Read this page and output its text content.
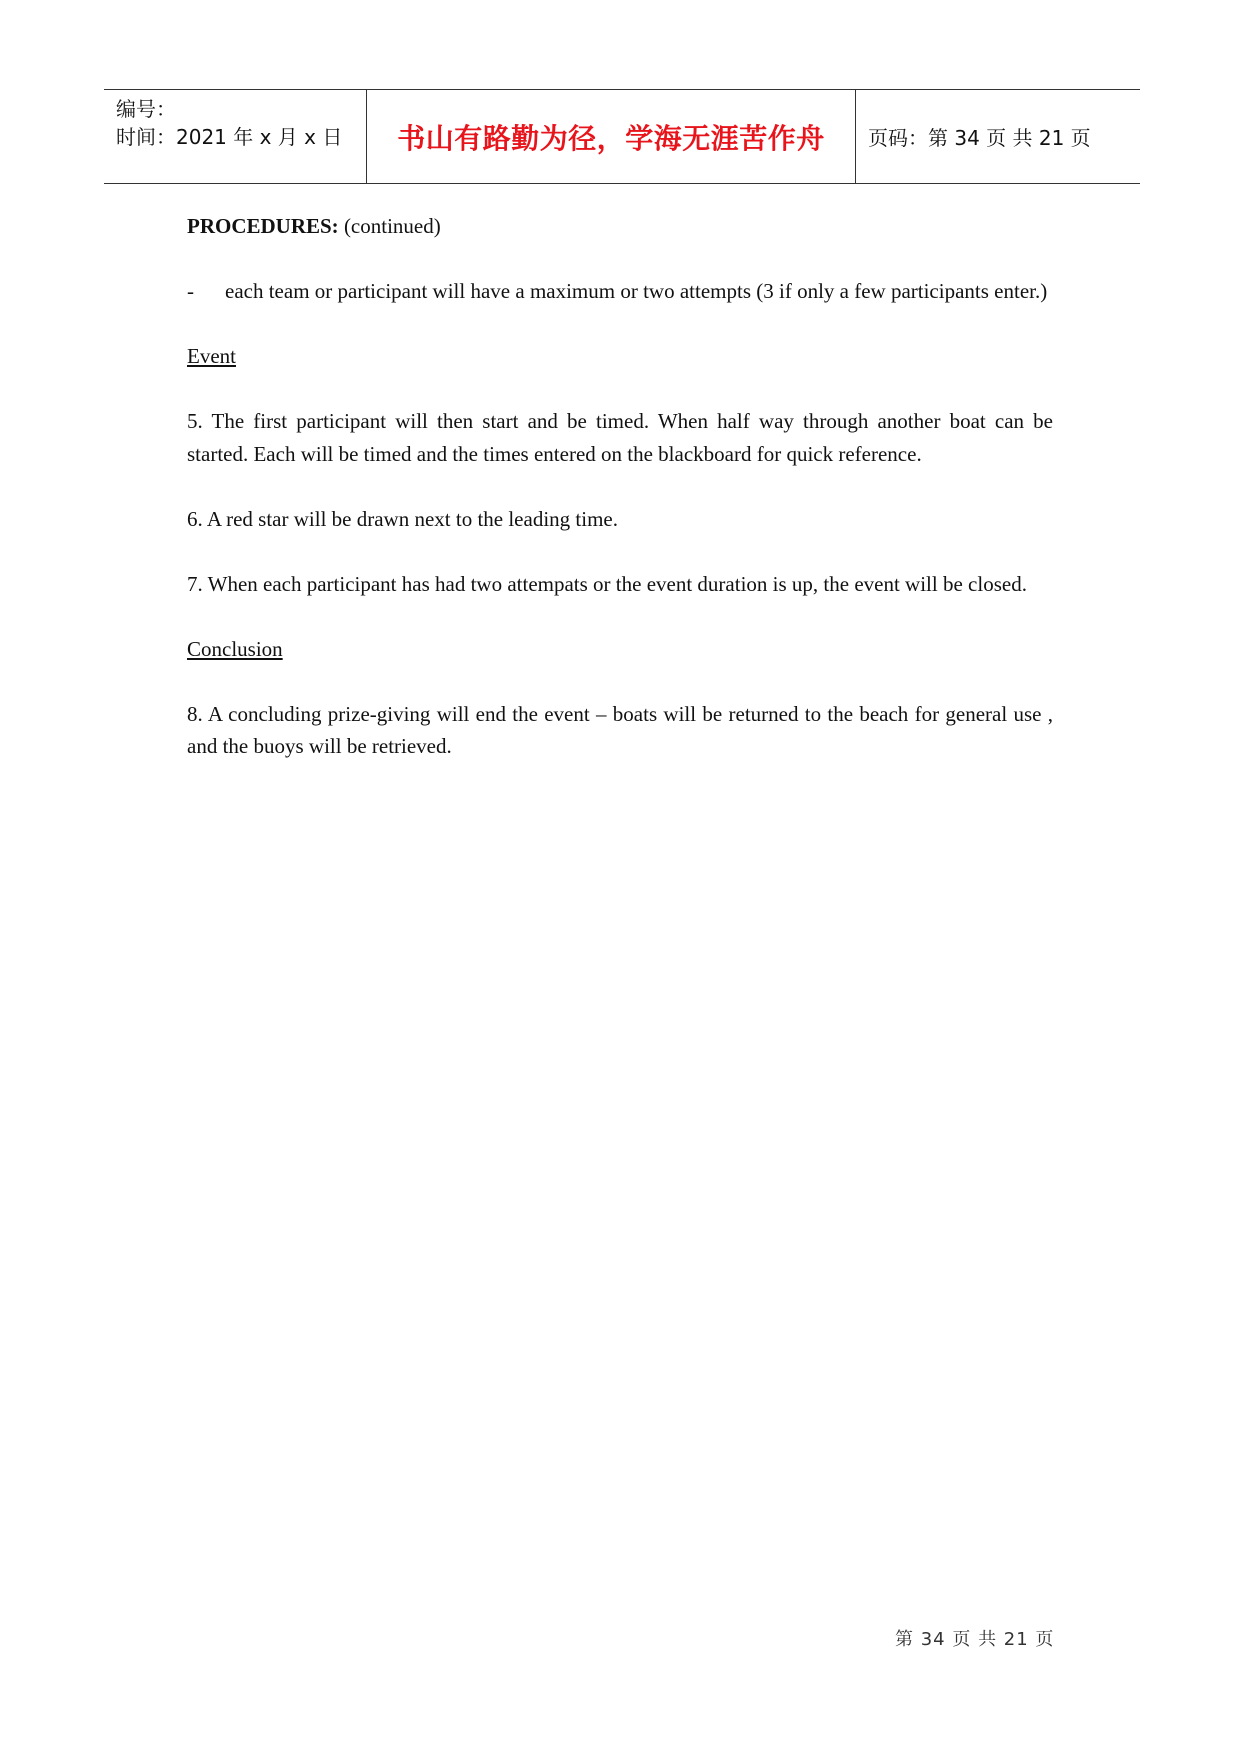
编号：
时间：2021 年 x 月 x 日 书山有路勤为径，学海无涯苦作舟 页码：第 34 页 共 21 页

PROCEDURES: (continued)

-	each team or participant will have a maximum or two attempts (3 if only a few participants enter.)

Event

5. The first participant will then start and be timed. When half way through another boat can be started. Each will be timed and the times entered on the blackboard for quick reference.

6. A red star will be drawn next to the leading time.

7. When each participant has had two attempats or the event duration is up, the event will be closed.

Conclusion

8. A concluding prize-giving will end the event – boats will be returned to the beach for general use , and the buoys will be retrieved.

第 34 页 共 21 页
